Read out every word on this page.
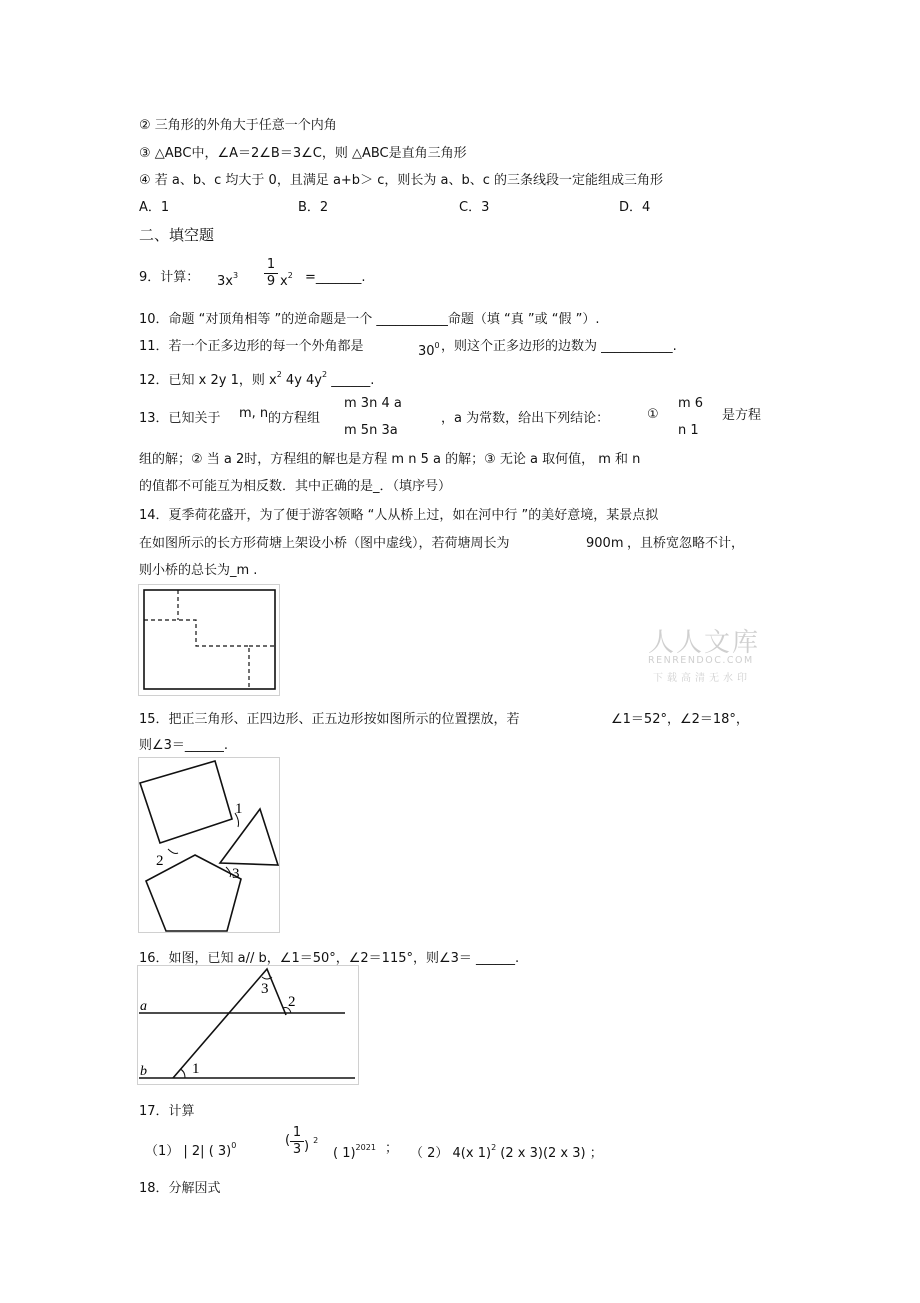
② 三角形的外角大于任意一个内角
③ △ABC中，∠A＝2∠B＝3∠C，则 △ABC是直角三角形
④ 若 a、b、c 均大于 0，且满足 a+b＞ c，则长为 a、b、c 的三条线段一定能组成三角形
A．1	B．2	C．3	D．4
二、填空题
9．计算： $3x^3 \frac{1}{9} x^2$ =_______.
10．命题 “对顶角相等 ”的逆命题是一个 ___________命题（填 “真 ”或 “假 ”）.
11．若一个正多边形的每一个外角都是	$30^0$ ，则这个正多边形的边数为 ___________.
12．已知 x 2y 1，则 $x^2$ 4y $4y^2$ ______.
13．已知关于 m, n 的方程组
m 3n 4 a
m 5n 3a
，a 为常数，给出下列结论：	①
m 6
n 1
是方程
组的解；② 当 a 2时，方程组的解也是方程 m n 5 a 的解；③ 无论 a 取何值， m 和 n
的值都不可能互为相反数．其中正确的是_．（填序号）
14．夏季荷花盛开，为了便于游客领略 “人从桥上过，如在河中行 ”的美好意境，某景点拟
在如图所示的长方形荷塘上架设小桥（图中虚线），若荷塘周长为	900m ，且桥宽忽略不计，
则小桥的总长为_m .
人人文库
RENRENDOC.COM
下载高清无水印
15．把正三角形、正四边形、正五边形按如图所示的位置摆放，若	∠1＝52°，∠2＝18°，
则∠3＝______.
1
2
3
16．如图，已知 a// b，∠1＝50°，∠2＝115°，则∠3＝ ______.
a
b	1
2
3
17．计算
（1） | 2| ( 3)$^0$	$\frac{1}{3}$
( ) $^2$
( 1)$^{2021}$ ； （ 2） 4(x 1)$^2$ (2 x 3)(2 x 3) ；
18．分解因式
